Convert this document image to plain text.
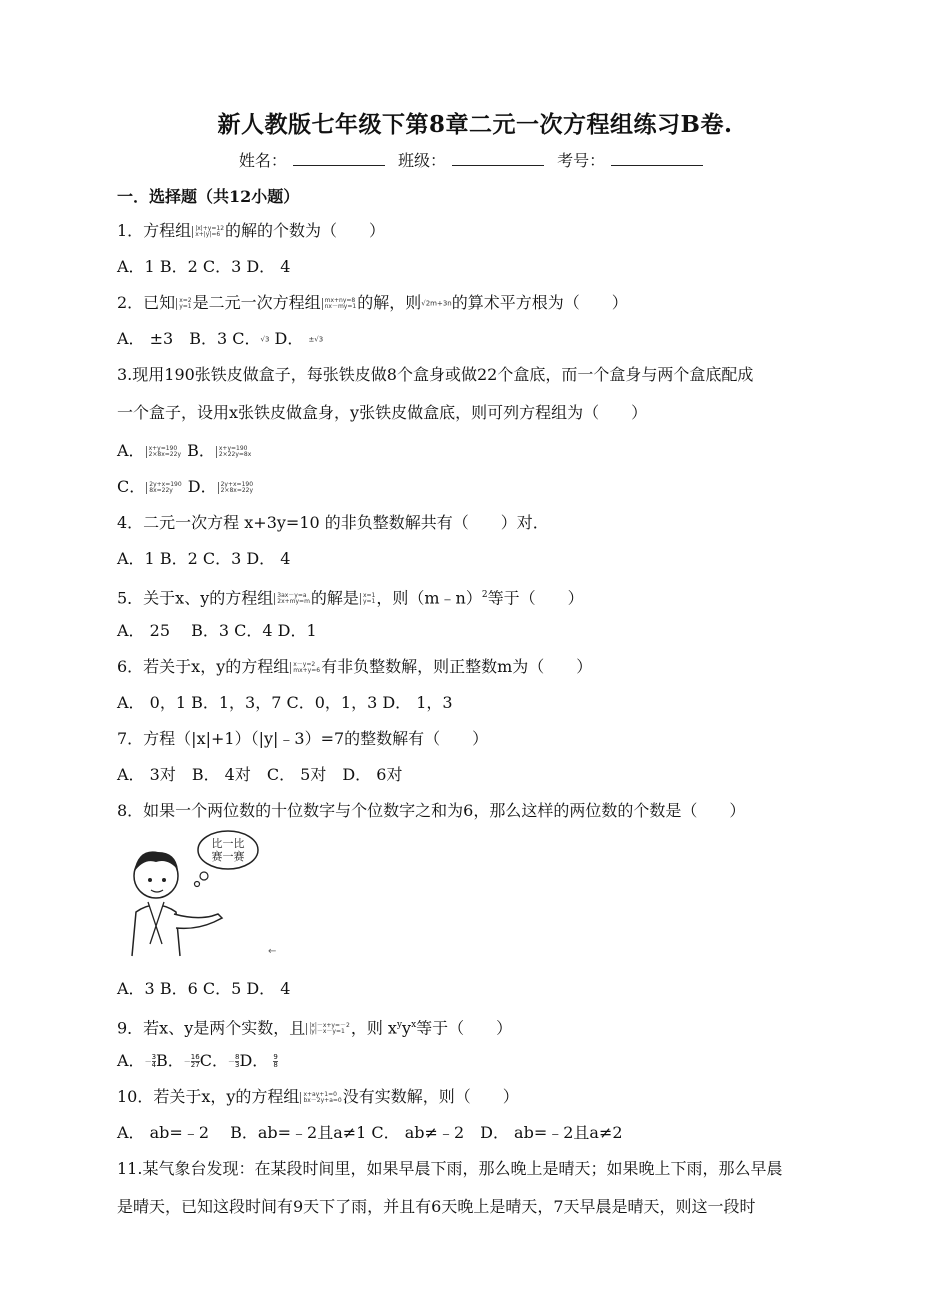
新人教版七年级下第8章二元一次方程组练习B卷.
姓名：	班级：	考号：
一．选择题（共12小题）
1．方程组 |x|+y=12
x+|y|=6 的解的个数为（　　）
A．1 B．2 C．3 D． 4
2．已知 x=2
y=1 是二元一次方程组 mx+ny=8
nx－my=1 的解，则√2m+3n的算术平方根为（　　）
A． ±3　B．3 C．√3 D． ±√3
3.现用190张铁皮做盒子，每张铁皮做8个盒身或做22个盒底，而一个盒身与两个盒底配成
一个盒子，设用x张铁皮做盒身，y张铁皮做盒底，则可列方程组为（　　）
A． x+y=190
2×8x=22y B． x+y=190
2×22y=8x
C． 2y+x=190
8x=22y D． 2y+x=190
2×8x=22y
4．二元一次方程 x+3y=10 的非负整数解共有（　　）对．
A．1 B．2 C．3 D． 4
5．关于x、y的方程组 3ax－y=a
2x+my=m 的解是 x=1
y=1 ，则（m﹣n）$^2$等于（　　）
A． 25　 B．3 C．4 D．1
6．若关于x，y的方程组 x－y=2
mx+y=6 有非负整数解，则正整数m为（　　）
A． 0，1 B．1，3，7 C．0，1，3 D． 1，3
7．方程（|x|+1）（|y|﹣3）=7的整数解有（　　）
A． 3对　B． 4对　C． 5对　D． 6对
8．如果一个两位数的十位数字与个位数字之和为6，那么这样的两位数的个数是（　　）
比一比
赛一赛
←
A．3 B．6 C．5 D． 4
9．若x、y是两个实数，且 |x|－x+y=－2
|y|－x－y=1 ，则 $x^yy^x$等于（　　）
A．－ $\frac{3}{4}$ B．－ $\frac{16}{27}$ C．－ $\frac{8}{3}$ D． $\frac{9}{8}$
10．若关于x，y的方程组 x+ay+1=0
bx－2y+a=0 没有实数解，则（　　）
A． ab=﹣2　 B．ab=﹣2且a≠1 C． ab≠﹣2　D． ab=﹣2且a≠2
11.某气象台发现：在某段时间里，如果早晨下雨，那么晚上是晴天；如果晚上下雨，那么早晨
是晴天，已知这段时间有9天下了雨，并且有6天晚上是晴天，7天早晨是晴天，则这一段时
